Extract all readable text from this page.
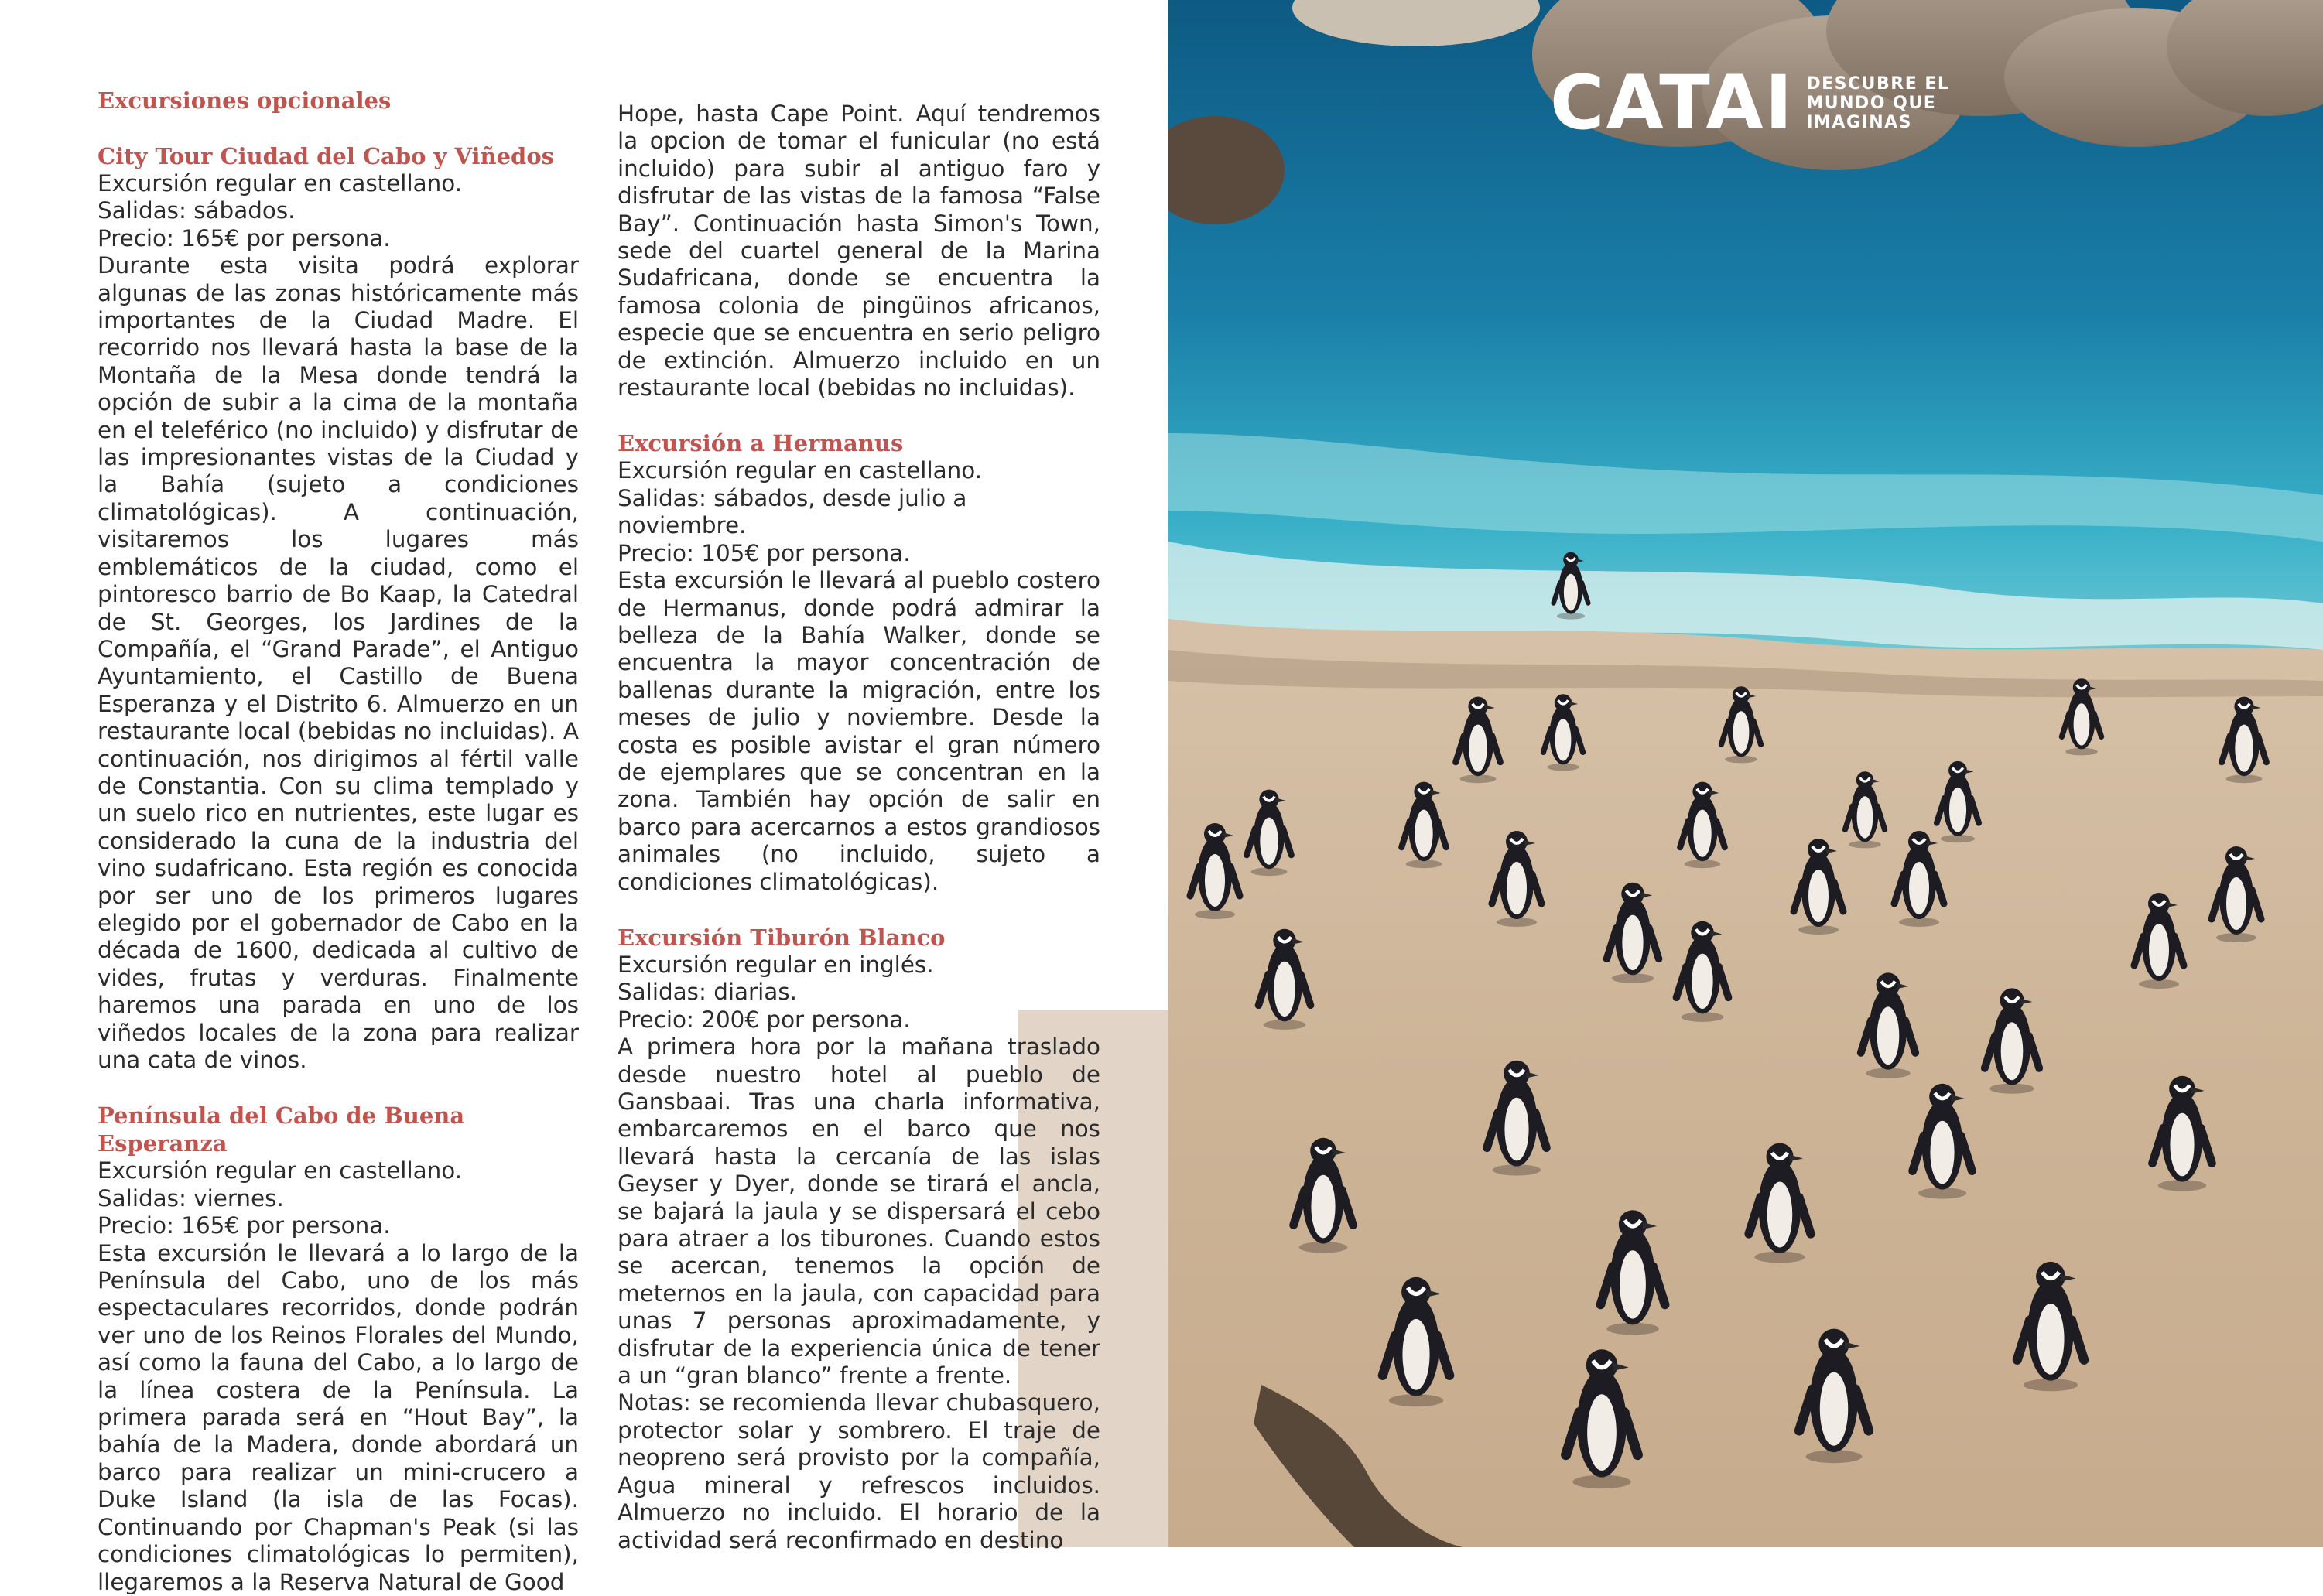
Excursiones opcionales
City Tour Ciudad del Cabo y Viñedos
Excursión regular en castellano.
Salidas: sábados.
Precio: 165€ por persona.

Durante esta visita podrá explorar algunas de las zonas históricamente más importantes de la Ciudad Madre. El recorrido nos llevará hasta la base de la Montaña de la Mesa donde tendrá la opción de subir a la cima de la montaña en el teleférico (no incluido) y disfrutar de las impresionantes vistas de la Ciudad y la Bahía (sujeto a condiciones climatológicas). A continuación, visitaremos los lugares más emblemáticos de la ciudad, como el pintoresco barrio de Bo Kaap, la Catedral de St. Georges, los Jardines de la Compañía, el “Grand Parade”, el Antiguo Ayuntamiento, el Castillo de Buena Esperanza y el Distrito 6. Almuerzo en un restaurante local (bebidas no incluidas). A continuación, nos dirigimos al fértil valle de Constantia. Con su clima templado y un suelo rico en nutrientes, este lugar es considerado la cuna de la industria del vino sudafricano. Esta región es conocida por ser uno de los primeros lugares elegido por el gobernador de Cabo en la década de 1600, dedicada al cultivo de vides, frutas y verduras. Finalmente haremos una parada en uno de los viñedos locales de la zona para realizar una cata de vinos.

Península del Cabo de Buena Esperanza
Excursión regular en castellano.
Salidas: viernes.
Precio: 165€ por persona.

Esta excursión le llevará a lo largo de la Península del Cabo, uno de los más espectaculares recorridos, donde podrán ver uno de los Reinos Florales del Mundo, así como la fauna del Cabo, a lo largo de la línea costera de la Península. La primera parada será en “Hout Bay”, la bahía de la Madera, donde abordará un barco para realizar un mini-crucero a Duke Island (la isla de las Focas). Continuando por Chapman's Peak (si las condiciones climatológicas lo permiten), llegaremos a la Reserva Natural de Good

Hope, hasta Cape Point. Aquí tendremos la opcion de tomar el funicular (no está incluido) para subir al antiguo faro y disfrutar de las vistas de la famosa “False Bay”. Continuación hasta Simon's Town, sede del cuartel general de la Marina Sudafricana, donde se encuentra la famosa colonia de pingüinos africanos, especie que se encuentra en serio peligro de extinción. Almuerzo incluido en un restaurante local (bebidas no incluidas).

Excursión a Hermanus
Excursión regular en castellano.
Salidas: sábados, desde julio a noviembre.
Precio: 105€ por persona.

Esta excursión le llevará al pueblo costero de Hermanus, donde podrá admirar la belleza de la Bahía Walker, donde se encuentra la mayor concentración de ballenas durante la migración, entre los meses de julio y noviembre. Desde la costa es posible avistar el gran número de ejemplares que se concentran en la zona. También hay opción de salir en barco para acercarnos a estos grandiosos animales (no incluido, sujeto a condiciones climatológicas).

Excursión Tiburón Blanco
Excursión regular en inglés.
Salidas: diarias.
Precio: 200€ por persona.

A primera hora por la mañana traslado desde nuestro hotel al pueblo de Gansbaai. Tras una charla informativa, embarcaremos en el barco que nos llevará hasta la cercanía de las islas Geyser y Dyer, donde se tirará el ancla, se bajará la jaula y se dispersará el cebo para atraer a los tiburones. Cuando estos se acercan, tenemos la opción de meternos en la jaula, con capacidad para unas 7 personas aproximadamente, y disfrutar de la experiencia única de tener a un “gran blanco” frente a frente.

Notas: se recomienda llevar chubasquero, protector solar y sombrero. El traje de neopreno será provisto por la compañía, Agua mineral y refrescos incluidos. Almuerzo no incluido. El horario de la actividad será reconfirmado en destino

CATAI DESCUBRE EL
MUNDO QUE
IMAGINAS
